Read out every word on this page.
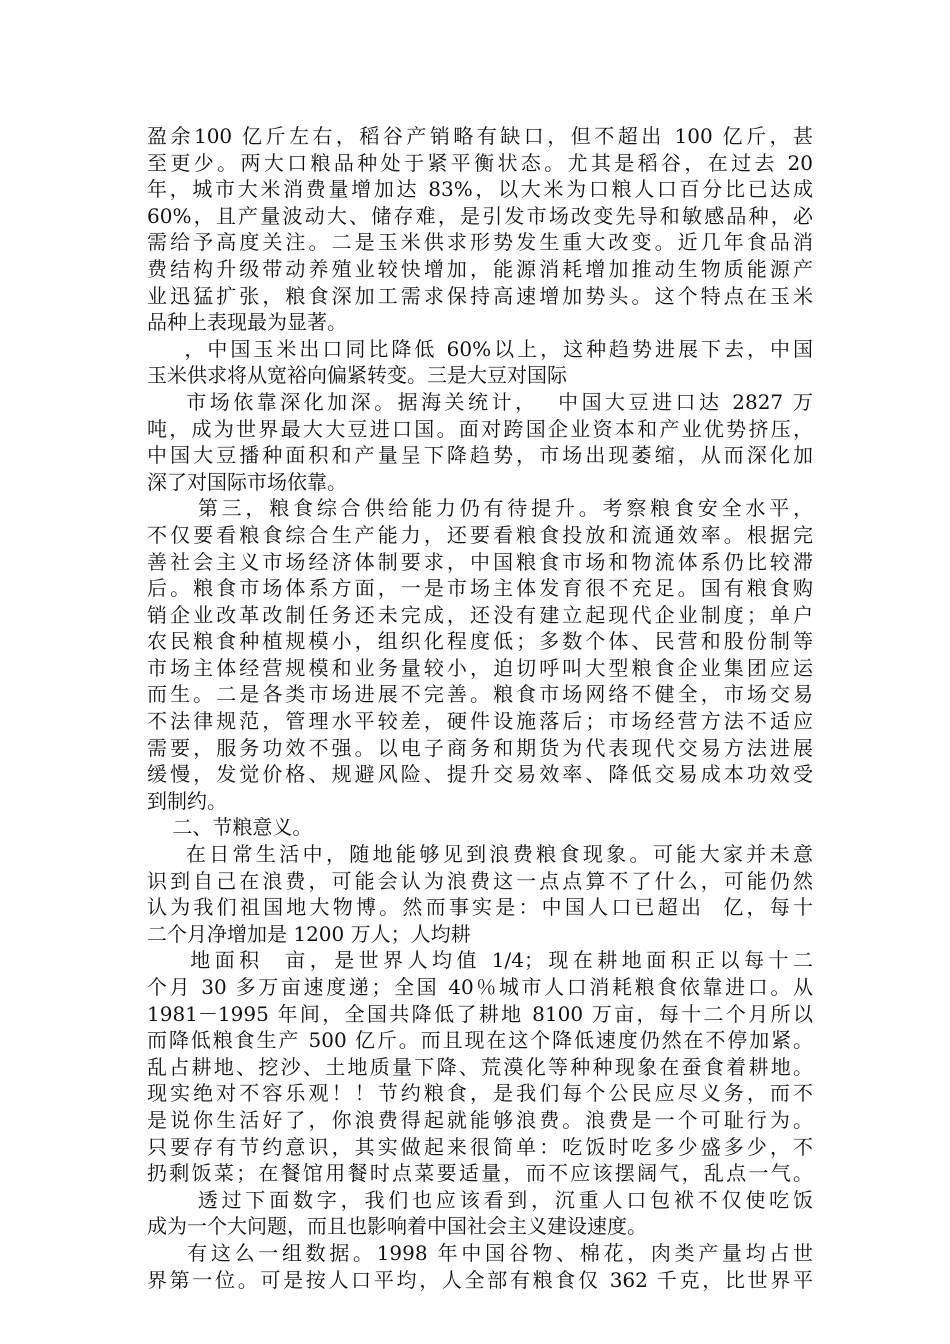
盈余100 亿斤左右，稻谷产销略有缺口，但不超出 100 亿斤，甚
至更少。两大口粮品种处于紧平衡状态。尤其是稻谷，在过去 20
年，城市大米消费量增加达 83%，以大米为口粮人口百分比已达成
60%，且产量波动大、储存难，是引发市场改变先导和敏感品种，必
需给予高度关注。二是玉米供求形势发生重大改变。近几年食品消
费结构升级带动养殖业较快增加，能源消耗增加推动生物质能源产
业迅猛扩张，粮食深加工需求保持高速增加势头。这个特点在玉米
品种上表现最为显著。
，中国玉米出口同比降低 60%以上，这种趋势进展下去，中国
玉米供求将从宽裕向偏紧转变。三是大豆对国际
市场依靠深化加深。据海关统计，  中国大豆进口达 2827 万
吨，成为世界最大大豆进口国。面对跨国企业资本和产业优势挤压，
中国大豆播种面积和产量呈下降趋势，市场出现萎缩，从而深化加
深了对国际市场依靠。
第三，粮食综合供给能力仍有待提升。考察粮食安全水平，
不仅要看粮食综合生产能力，还要看粮食投放和流通效率。根据完
善社会主义市场经济体制要求，中国粮食市场和物流体系仍比较滞
后。粮食市场体系方面，一是市场主体发育很不充足。国有粮食购
销企业改革改制任务还未完成，还没有建立起现代企业制度；单户
农民粮食种植规模小，组织化程度低；多数个体、民营和股份制等
市场主体经营规模和业务量较小，迫切呼叫大型粮食企业集团应运
而生。二是各类市场进展不完善。粮食市场网络不健全，市场交易
不法律规范，管理水平较差，硬件设施落后；市场经营方法不适应
需要，服务功效不强。以电子商务和期货为代表现代交易方法进展
缓慢，发觉价格、规避风险、提升交易效率、降低交易成本功效受
到制约。
二、节粮意义。
在日常生活中，随地能够见到浪费粮食现象。可能大家并未意
识到自己在浪费，可能会认为浪费这一点点算不了什么，可能仍然
认为我们祖国地大物博。然而事实是：中国人口已超出  亿，每十
二个月净增加是 1200 万人；人均耕
地面积  亩，是世界人均值 1/4；现在耕地面积正以每十二
个月 30 多万亩速度递；全国 40％城市人口消耗粮食依靠进口。从
1981－1995 年间，全国共降低了耕地 8100 万亩，每十二个月所以
而降低粮食生产 500 亿斤。而且现在这个降低速度仍然在不停加紧。
乱占耕地、挖沙、土地质量下降、荒漠化等种种现象在蚕食着耕地。
现实绝对不容乐观！！节约粮食，是我们每个公民应尽义务，而不
是说你生活好了，你浪费得起就能够浪费。浪费是一个可耻行为。
只要存有节约意识，其实做起来很简单：吃饭时吃多少盛多少，不
扔剩饭菜；在餐馆用餐时点菜要适量，而不应该摆阔气，乱点一气。
透过下面数字，我们也应该看到，沉重人口包袱不仅使吃饭
成为一个大问题，而且也影响着中国社会主义建设速度。
有这么一组数据。1998 年中国谷物、棉花，肉类产量均占世
界第一位。可是按人口平均，人全部有粮食仅 362 千克，比世界平
